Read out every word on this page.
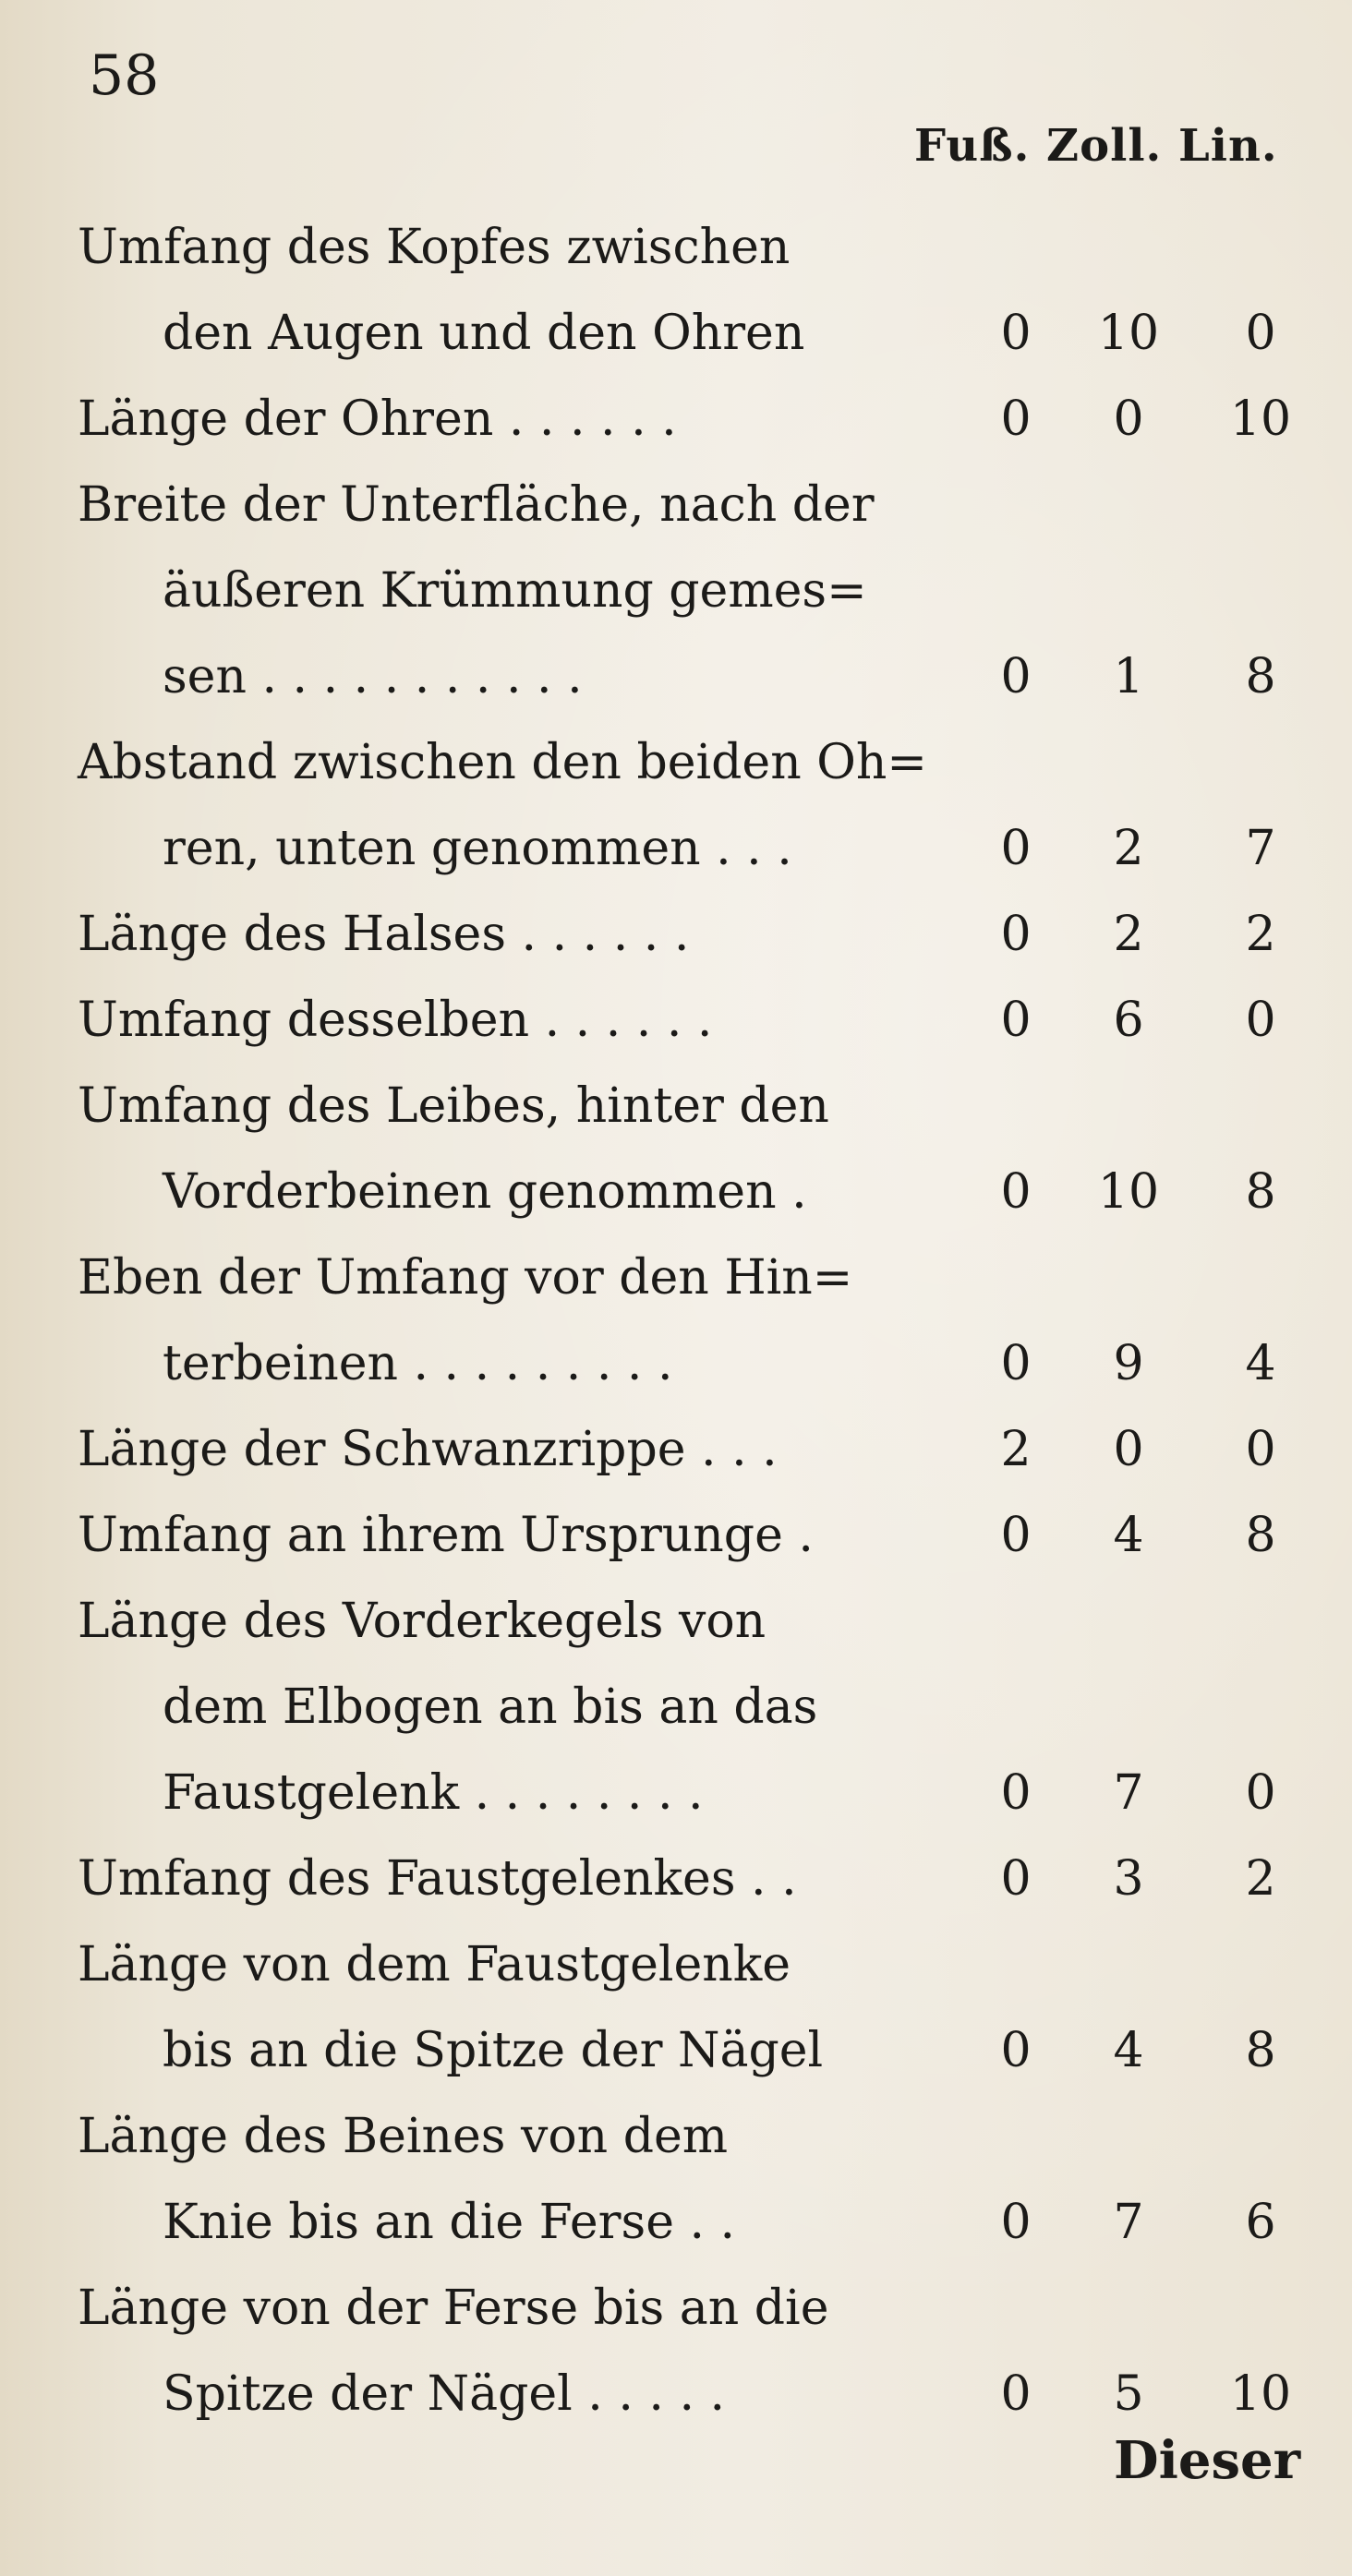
58
Fuß. Zoll. Lin.
Umfang des Kopfes zwischen
den Augen und den Ohren	0	10	0
Länge der Ohren . . . . . .	0	0	10
Breite der Unterfläche, nach der
äußeren Krümmung gemes=
sen . . . . . . . . . . .	0	1	8
Abstand zwischen den beiden Oh=
ren, unten genommen . . .	0	2	7
Länge des Halses . . . . . .	0	2	2
Umfang desselben . . . . . .	0	6	0
Umfang des Leibes, hinter den
Vorderbeinen genommen .	0	10	8
Eben der Umfang vor den Hin=
terbeinen . . . . . . . . .	0	9	4
Länge der Schwanzrippe . . .	2	0	0
Umfang an ihrem Ursprunge .	0	4	8
Länge des Vorderkegels von
dem Elbogen an bis an das
Faustgelenk . . . . . . . .	0	7	0
Umfang des Faustgelenkes . .	0	3	2
Länge von dem Faustgelenke
bis an die Spitze der Nägel	0	4	8
Länge des Beines von dem
Knie bis an die Ferse . .	0	7	6
Länge von der Ferse bis an die
Spitze der Nägel . . . . .	0	5	10
Dieser
